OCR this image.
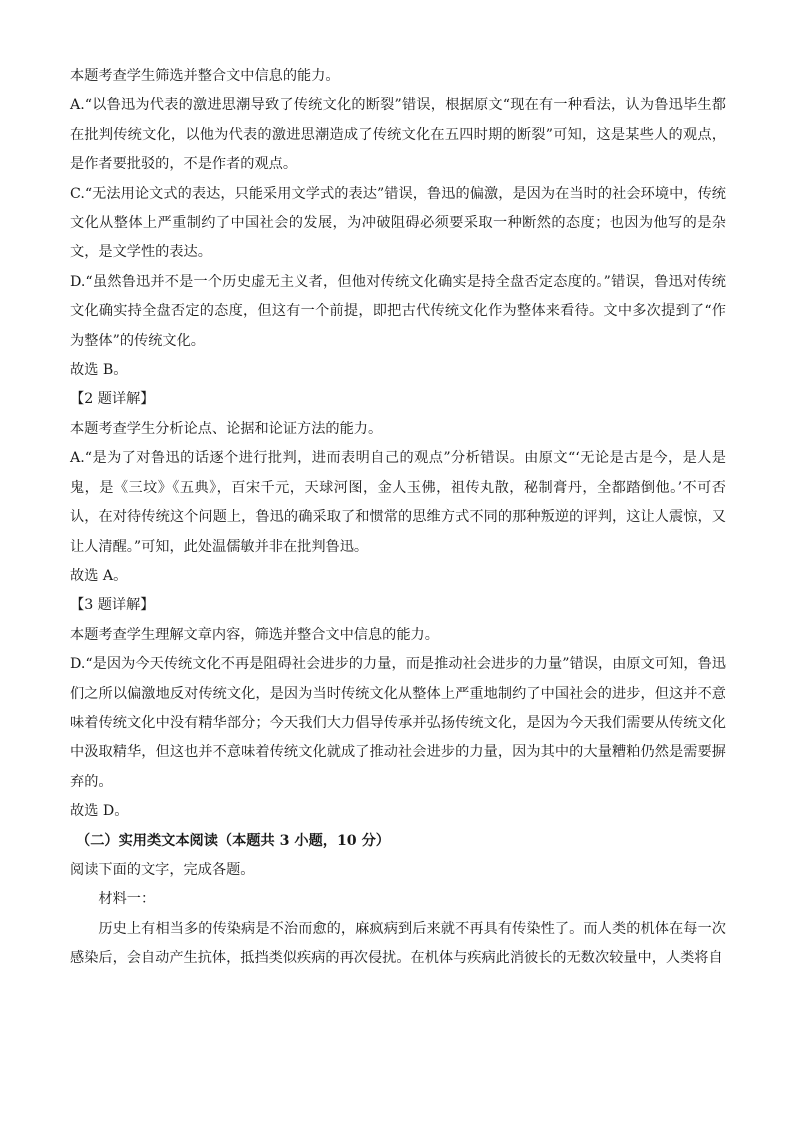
本题考查学生筛选并整合文中信息的能力。

A.“以鲁迅为代表的激进思潮导致了传统文化的断裂”错误，根据原文“现在有一种看法，认为鲁迅毕生都在批判传统文化，以他为代表的激进思潮造成了传统文化在五四时期的断裂”可知，这是某些人的观点，是作者要批驳的，不是作者的观点。

C.“无法用论文式的表达，只能采用文学式的表达”错误，鲁迅的偏激，是因为在当时的社会环境中，传统文化从整体上严重制约了中国社会的发展，为冲破阻碍必须要采取一种断然的态度；也因为他写的是杂文，是文学性的表达。

D.“虽然鲁迅并不是一个历史虚无主义者，但他对传统文化确实是持全盘否定态度的。”错误，鲁迅对传统文化确实持全盘否定的态度，但这有一个前提，即把古代传统文化作为整体来看待。文中多次提到了“作为整体”的传统文化。

故选 B。

【2 题详解】

本题考查学生分析论点、论据和论证方法的能力。

A.“是为了对鲁迅的话逐个进行批判，进而表明自己的观点”分析错误。由原文“‘无论是古是今，是人是鬼，是《三坟》《五典》，百宋千元，天球河图，金人玉佛，祖传丸散，秘制膏丹，全都踏倒他。’不可否认，在对待传统这个问题上，鲁迅的确采取了和惯常的思维方式不同的那种叛逆的评判，这让人震惊，又让人清醒。”可知，此处温儒敏并非在批判鲁迅。

故选 A。

【3 题详解】

本题考查学生理解文章内容，筛选并整合文中信息的能力。

D.“是因为今天传统文化不再是阻碍社会进步的力量，而是推动社会进步的力量”错误，由原文可知，鲁迅们之所以偏激地反对传统文化，是因为当时传统文化从整体上严重地制约了中国社会的进步，但这并不意味着传统文化中没有精华部分；今天我们大力倡导传承并弘扬传统文化，是因为今天我们需要从传统文化中汲取精华，但这也并不意味着传统文化就成了推动社会进步的力量，因为其中的大量糟粕仍然是需要摒弃的。

故选 D。

（二）实用类文本阅读（本题共 3 小题，10 分）

阅读下面的文字，完成各题。

材料一：

历史上有相当多的传染病是不治而愈的，麻疯病到后来就不再具有传染性了。而人类的机体在每一次感染后，会自动产生抗体，抵挡类似疾病的再次侵扰。在机体与疾病此消彼长的无数次较量中，人类将自
